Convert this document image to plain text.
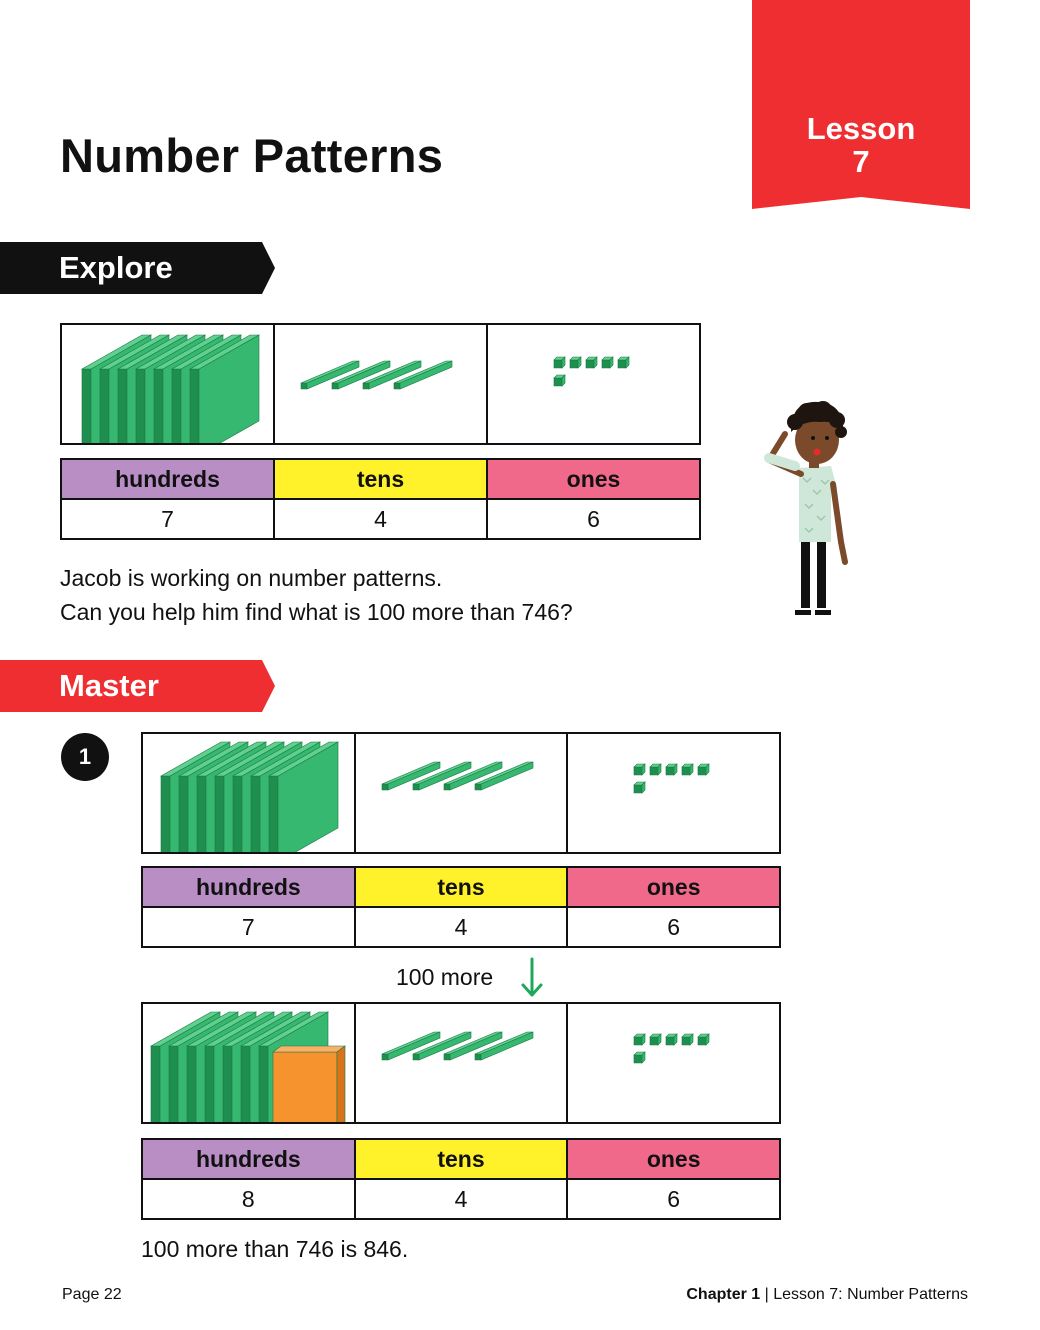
Lesson
7
Number Patterns
Explore
hundreds	tens	ones
7	4	6
Jacob is working on number patterns.
Can you help him find what is 100 more than 746?
Master
1
hundreds	tens	ones
7	4	6
100 more
hundreds	tens	ones
8	4	6
100 more than 746 is 846.
Page 22	Chapter 1 | Lesson 7: Number Patterns
